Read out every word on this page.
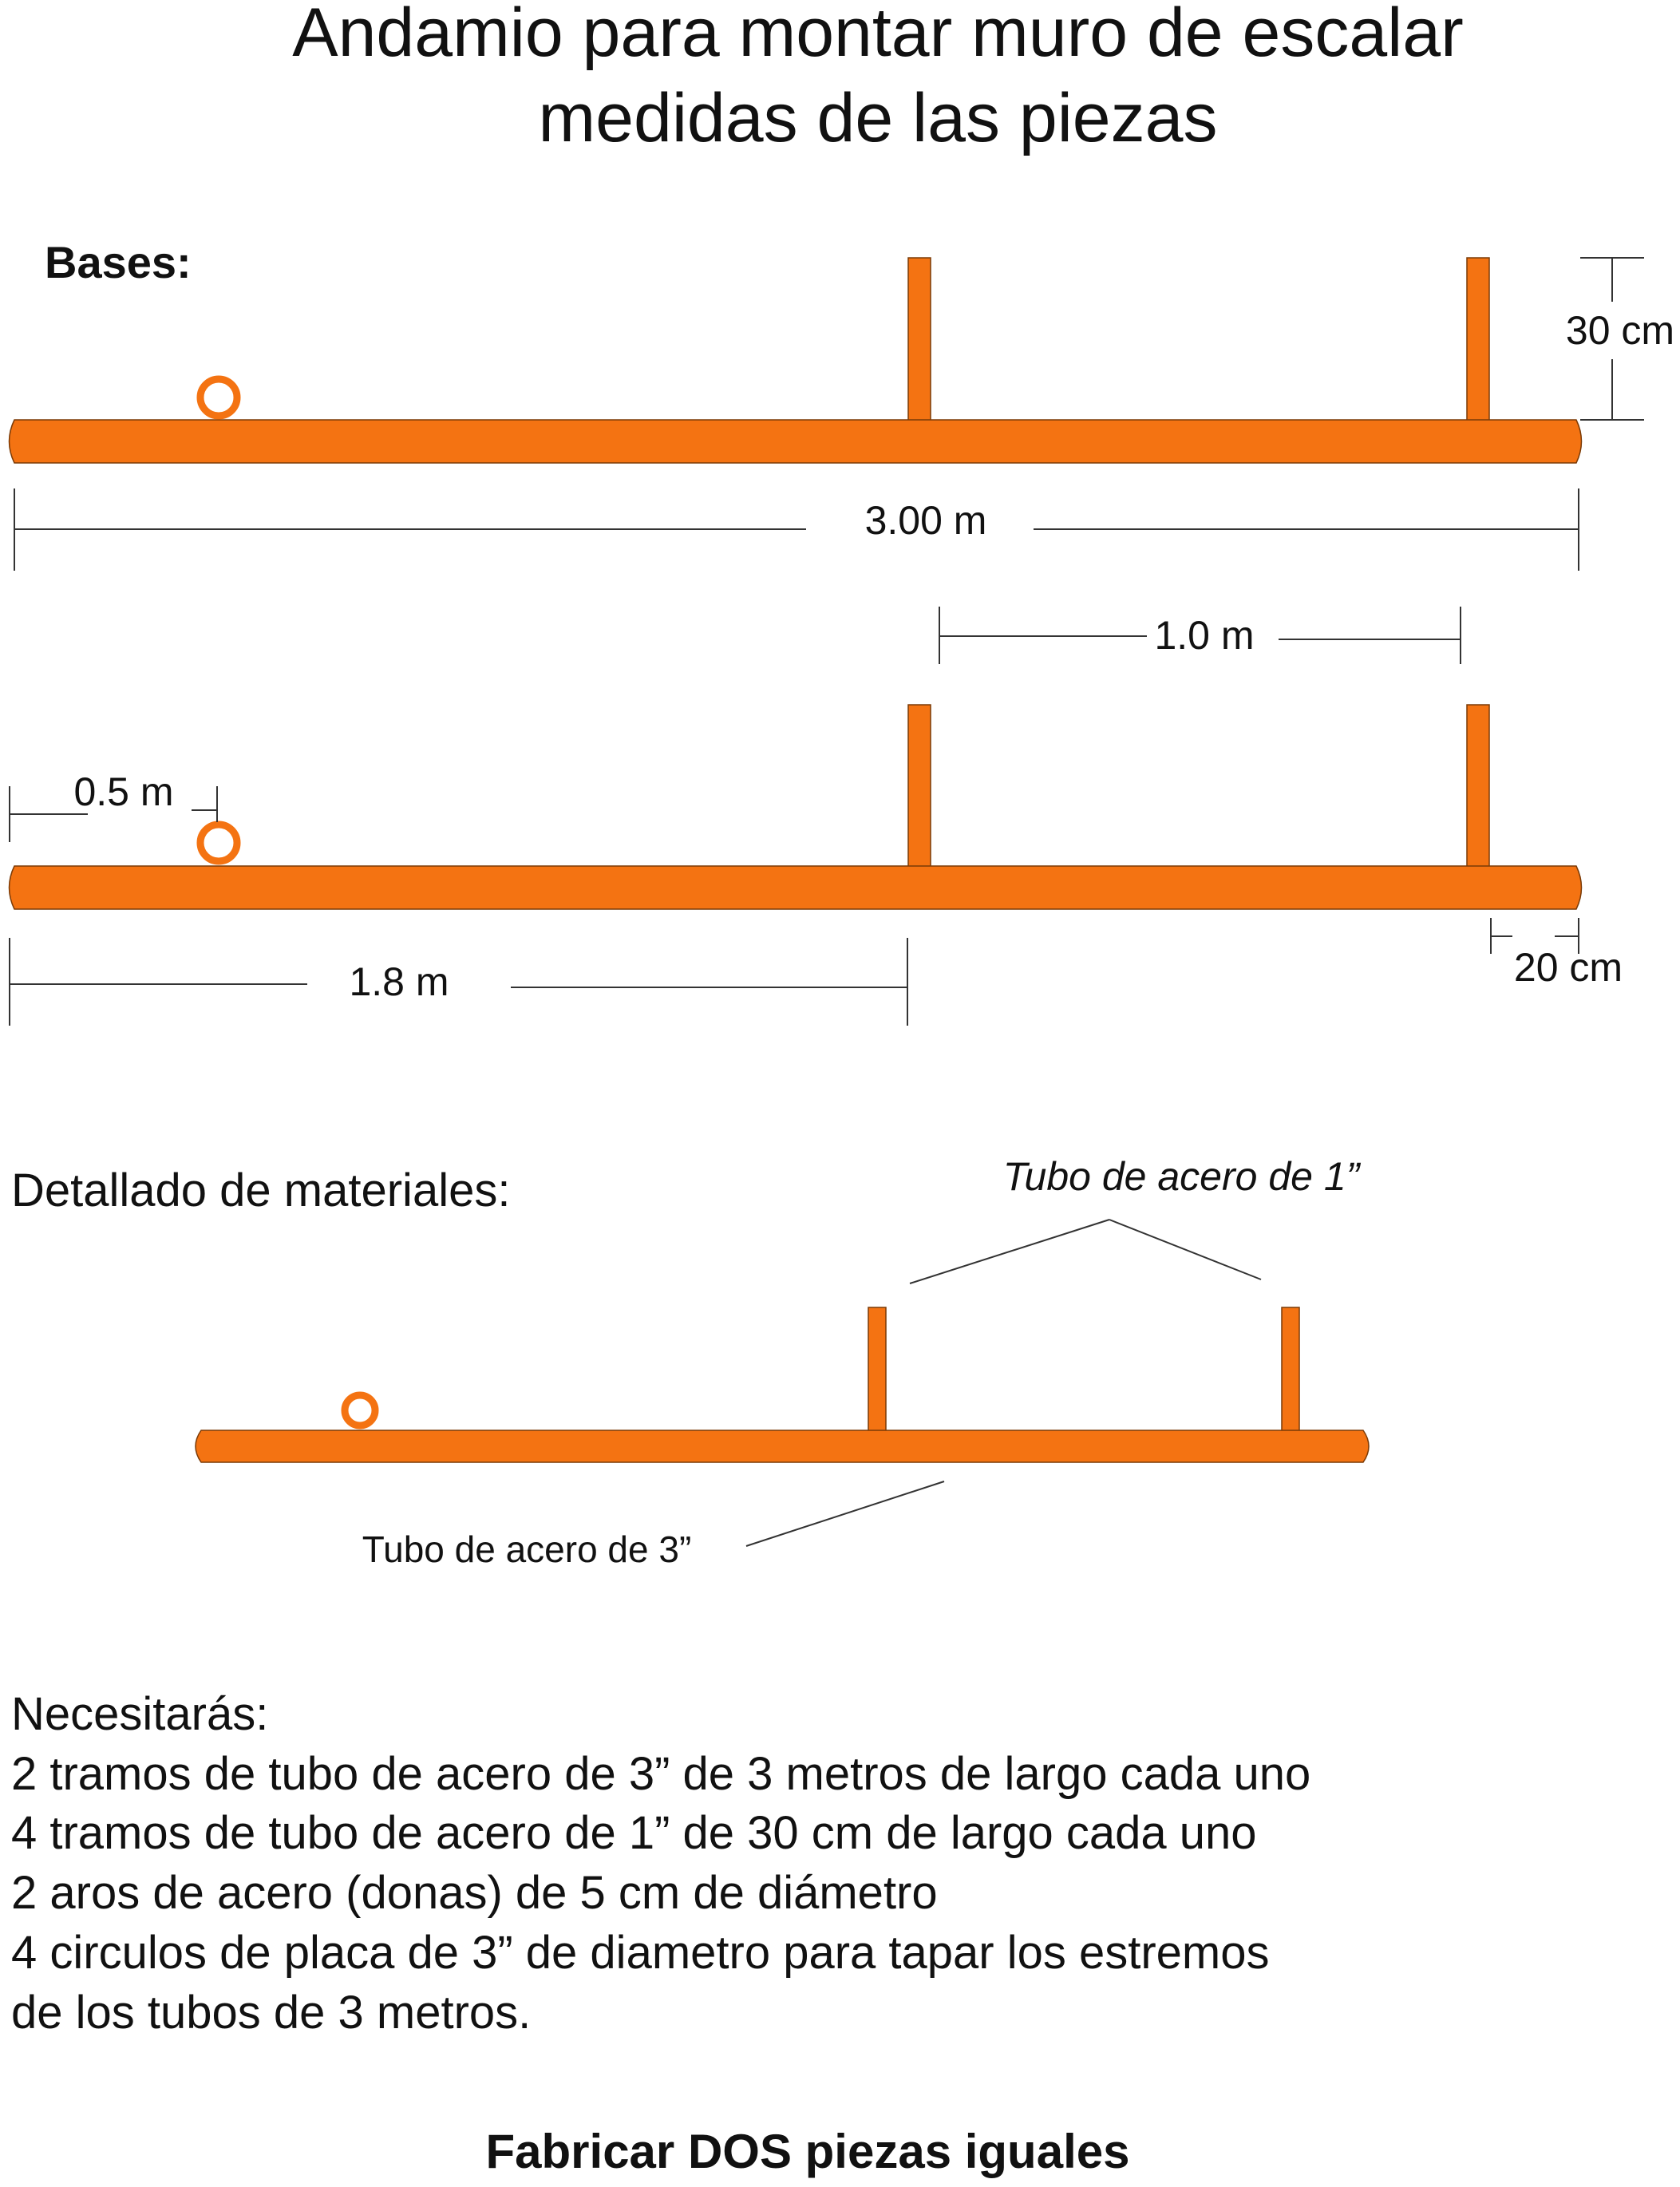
Andamio para montar muro de escalar
medidas de las piezas
Bases:
30 cm
3.00 m
1.0 m
0.5 m
1.8 m	20 cm
Detallado de materiales:	Tubo de acero de 1”
Tubo de acero de 3”
Necesitarás:
2 tramos de tubo de acero de 3” de 3 metros de largo cada uno
4 tramos de tubo de acero de 1” de 30 cm de largo cada uno
2 aros de acero (donas) de 5 cm de diámetro
4 circulos de placa de 3” de diametro para tapar los estremos
de los tubos de 3 metros.
Fabricar DOS piezas iguales
